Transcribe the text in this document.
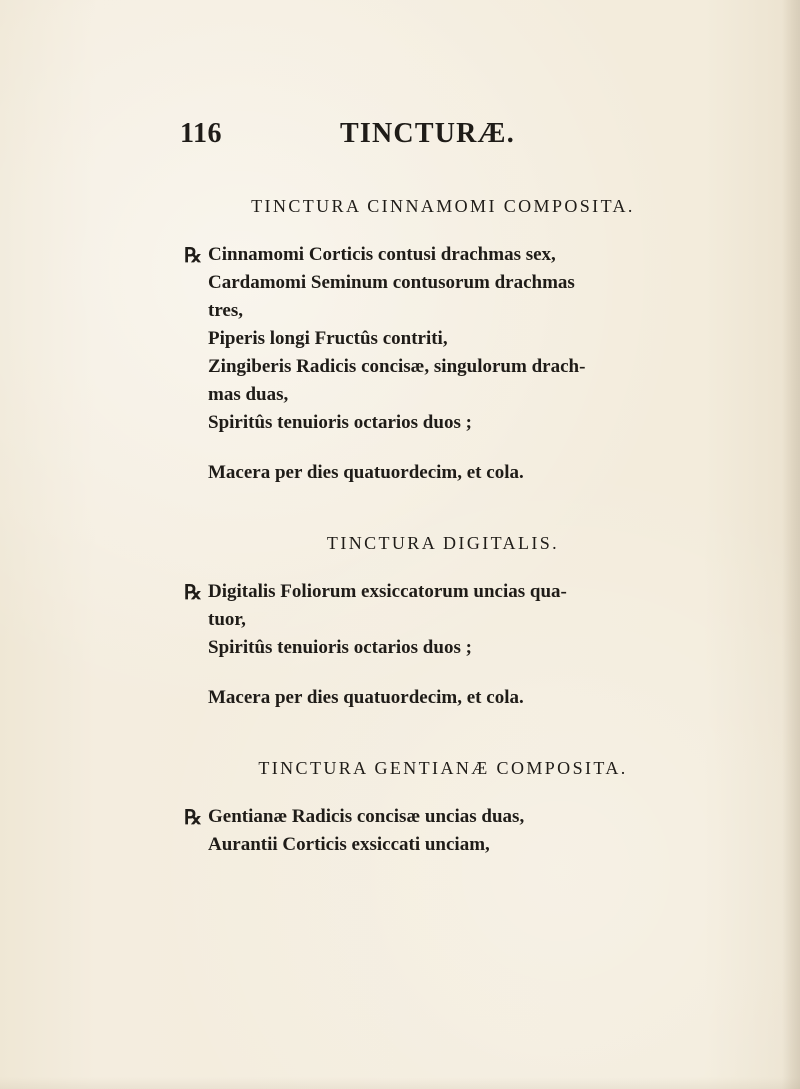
116	TINCTURÆ.
TINCTURA CINNAMOMI COMPOSITA.
℞ Cinnamomi Corticis contusi drachmas sex,
Cardamomi Seminum contusorum drachmas
tres,
Piperis longi Fructûs contriti,
Zingiberis Radicis concisæ, singulorum drach-
mas duas,
Spiritûs tenuioris octarios duos ;
Macera per dies quatuordecim, et cola.
TINCTURA DIGITALIS.
℞ Digitalis Foliorum exsiccatorum uncias qua-
tuor,
Spiritûs tenuioris octarios duos ;
Macera per dies quatuordecim, et cola.
TINCTURA GENTIANÆ COMPOSITA.
℞ Gentianæ Radicis concisæ uncias duas,
Aurantii Corticis exsiccati unciam,
